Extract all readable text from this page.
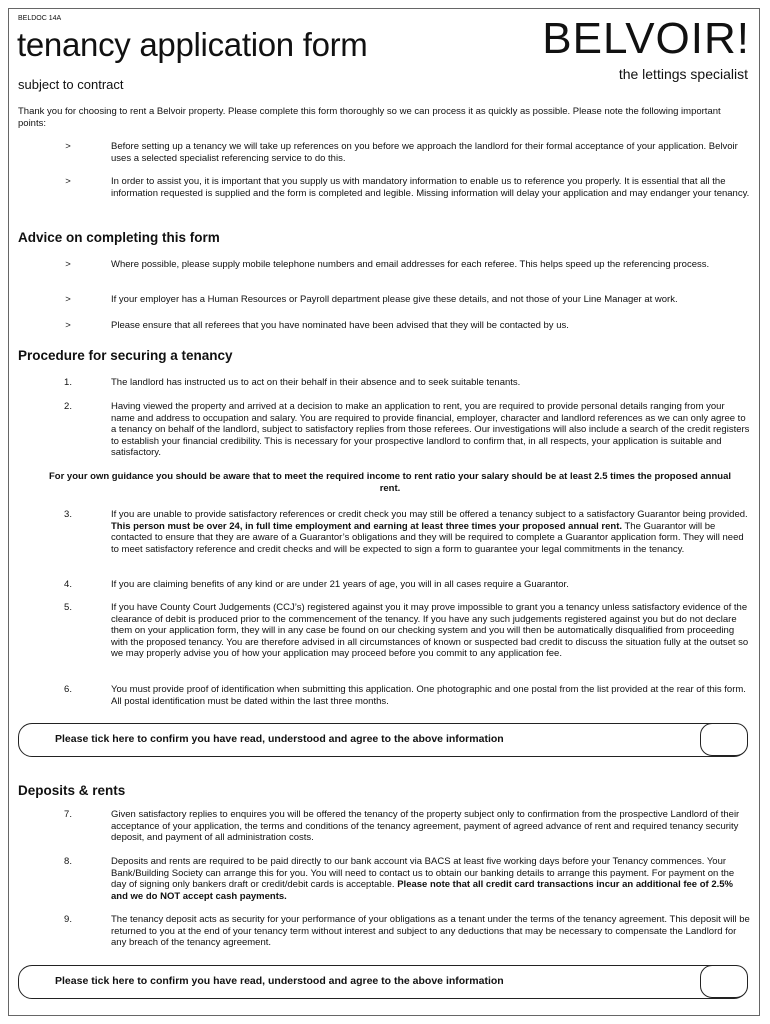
BELDOC 14A
tenancy application form
subject to contract
BELVOIR!
the lettings specialist
Thank you for choosing to rent a Belvoir property. Please complete this form thoroughly so we can process it as quickly as possible. Please note the following important points:
>	Before setting up a tenancy we will take up references on you before we approach the landlord for their formal acceptance of your application. Belvoir uses a selected specialist referencing service to do this.
>	In order to assist you, it is important that you supply us with mandatory information to enable us to reference you properly. It is essential that all the information requested is supplied and the form is completed and legible. Missing information will delay your application and may endanger your tenancy.
Advice on completing this form
>	Where possible, please supply mobile telephone numbers and email addresses for each referee. This helps speed up the referencing process.
>	If your employer has a Human Resources or Payroll department please give these details, and not those of your Line Manager at work.
>	Please ensure that all referees that you have nominated have been advised that they will be contacted by us.
Procedure for securing a tenancy
1.	The landlord has instructed us to act on their behalf in their absence and to seek suitable tenants.
2.	Having viewed the property and arrived at a decision to make an application to rent, you are required to provide personal details ranging from your name and address to occupation and salary. You are required to provide financial, employer, character and landlord references as we can only agree to a tenancy on behalf of the landlord, subject to satisfactory replies from those referees. Our investigations will also include a search of the credit registers to establish your financial credibility. This is necessary for your prospective landlord to confirm that, in all respects, your application is suitable and satisfactory.
For your own guidance you should be aware that to meet the required income to rent ratio your salary should be at least 2.5 times the proposed annual rent.
3.	If you are unable to provide satisfactory references or credit check you may still be offered a tenancy subject to a satisfactory Guarantor being provided. This person must be over 24, in full time employment and earning at least three times your proposed annual rent. The Guarantor will be contacted to ensure that they are aware of a Guarantor’s obligations and they will be required to complete a Guarantor application form. They will need to meet satisfactory reference and credit checks and will be expected to sign a form to guarantee your legal commitments in the tenancy.
4.	If you are claiming benefits of any kind or are under 21 years of age, you will in all cases require a Guarantor.
5.	If you have County Court Judgements (CCJ’s) registered against you it may prove impossible to grant you a tenancy unless satisfactory evidence of the clearance of debit is produced prior to the commencement of the tenancy. If you have any such judgements registered against you but do not declare them on your application form, they will in any case be found on our checking system and you will then be automatically disqualified from proceeding with the proposed tenancy. You are therefore advised in all circumstances of known or suspected bad credit to discuss the situation fully at the outset so we may properly advise you of how your application may proceed before you commit to any application fee.
6.	You must provide proof of identification when submitting this application. One photographic and one postal from the list provided at the rear of this form. All postal identification must be dated within the last three months.
Please tick here to confirm you have read, understood and agree to the above information
Deposits & rents
7.	Given satisfactory replies to enquires you will be offered the tenancy of the property subject only to confirmation from the prospective Landlord of their acceptance of your application, the terms and conditions of the tenancy agreement, payment of agreed advance of rent and required tenancy security deposit, and payment of all administration costs.
8.	Deposits and rents are required to be paid directly to our bank account via BACS at least five working days before your Tenancy commences. Your Bank/Building Society can arrange this for you. You will need to contact us to obtain our banking details to arrange this payment. For payment on the day of signing only bankers draft or credit/debit cards is acceptable. Please note that all credit card transactions incur an additional fee of 2.5% and we do NOT accept cash payments.
9.	The tenancy deposit acts as security for your performance of your obligations as a tenant under the terms of the tenancy agreement. This deposit will be returned to you at the end of your tenancy term without interest and subject to any deductions that may be necessary to compensate the Landlord for any breach of the tenancy agreement.
Please tick here to confirm you have read, understood and agree to the above information
